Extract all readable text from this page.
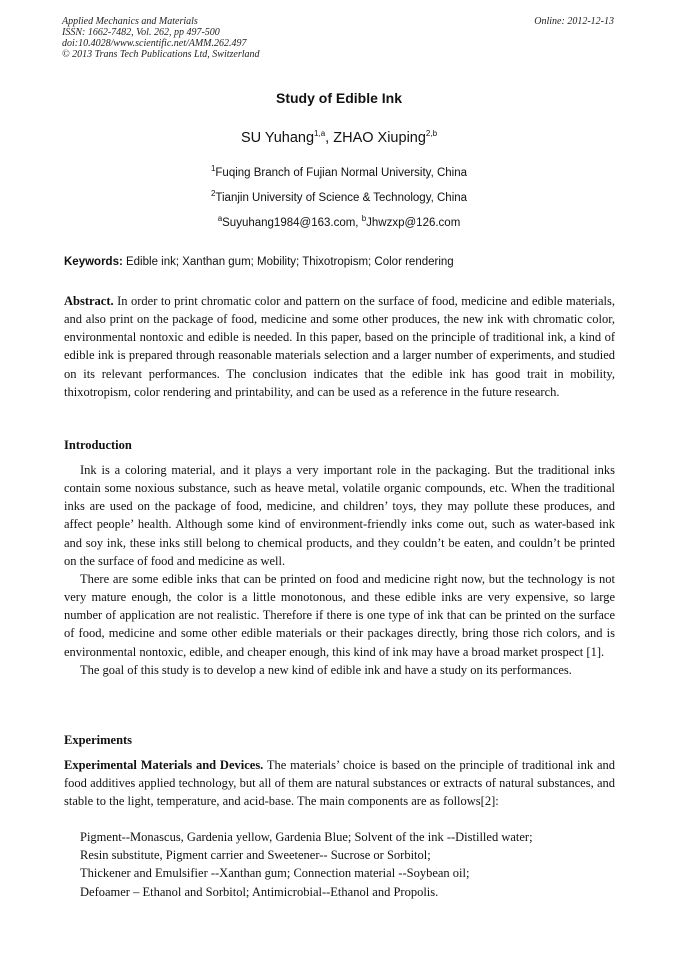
Applied Mechanics and Materials
ISSN: 1662-7482, Vol. 262, pp 497-500
doi:10.4028/www.scientific.net/AMM.262.497
© 2013 Trans Tech Publications Ltd, Switzerland
Online: 2012-12-13
Study of Edible Ink
SU Yuhang$^{1,a}$, ZHAO Xiuping$^{2,b}$
$^1$Fuqing Branch of Fujian Normal University, China
$^2$Tianjin University of Science & Technology, China
$^a$Suyuhang1984@163.com, $^b$Jhwzxp@126.com
Keywords: Edible ink; Xanthan gum; Mobility; Thixotropism; Color rendering

Abstract. In order to print chromatic color and pattern on the surface of food, medicine and edible materials, and also print on the package of food, medicine and some other produces, the new ink with chromatic color, environmental nontoxic and edible is needed. In this paper, based on the principle of traditional ink, a kind of edible ink is prepared through reasonable materials selection and a larger number of experiments, and studied on its relevant performances. The conclusion indicates that the edible ink has good trait in mobility, thixotropism, color rendering and printability, and can be used as a reference in the future research.

Introduction

Ink is a coloring material, and it plays a very important role in the packaging. But the traditional inks contain some noxious substance, such as heave metal, volatile organic compounds, etc. When the traditional inks are used on the package of food, medicine, and children’ toys, they may pollute these produces, and affect people’ health. Although some kind of environment-friendly inks come out, such as water-based ink and soy ink, these inks still belong to chemical products, and they couldn’t be eaten, and couldn’t be printed on the surface of food and medicine as well.

There are some edible inks that can be printed on food and medicine right now, but the technology is not very mature enough, the color is a little monotonous, and these edible inks are very expensive, so large number of application are not realistic. Therefore if there is one type of ink that can be printed on the surface of food, medicine and some other edible materials or their packages directly, bring those rich colors, and is environmental nontoxic, edible, and cheaper enough, this kind of ink may have a broad market prospect [1].

The goal of this study is to develop a new kind of edible ink and have a study on its performances.

Experiments

Experimental Materials and Devices. The materials’ choice is based on the principle of traditional ink and food additives applied technology, but all of them are natural substances or extracts of natural substances, and stable to the light, temperature, and acid-base. The main components are as follows[2]:

Pigment--Monascus, Gardenia yellow, Gardenia Blue; Solvent of the ink --Distilled water;
Resin substitute, Pigment carrier and Sweetener-- Sucrose or Sorbitol;
Thickener and Emulsifier --Xanthan gum; Connection material --Soybean oil;
Defoamer – Ethanol and Sorbitol; Antimicrobial--Ethanol and Propolis.
